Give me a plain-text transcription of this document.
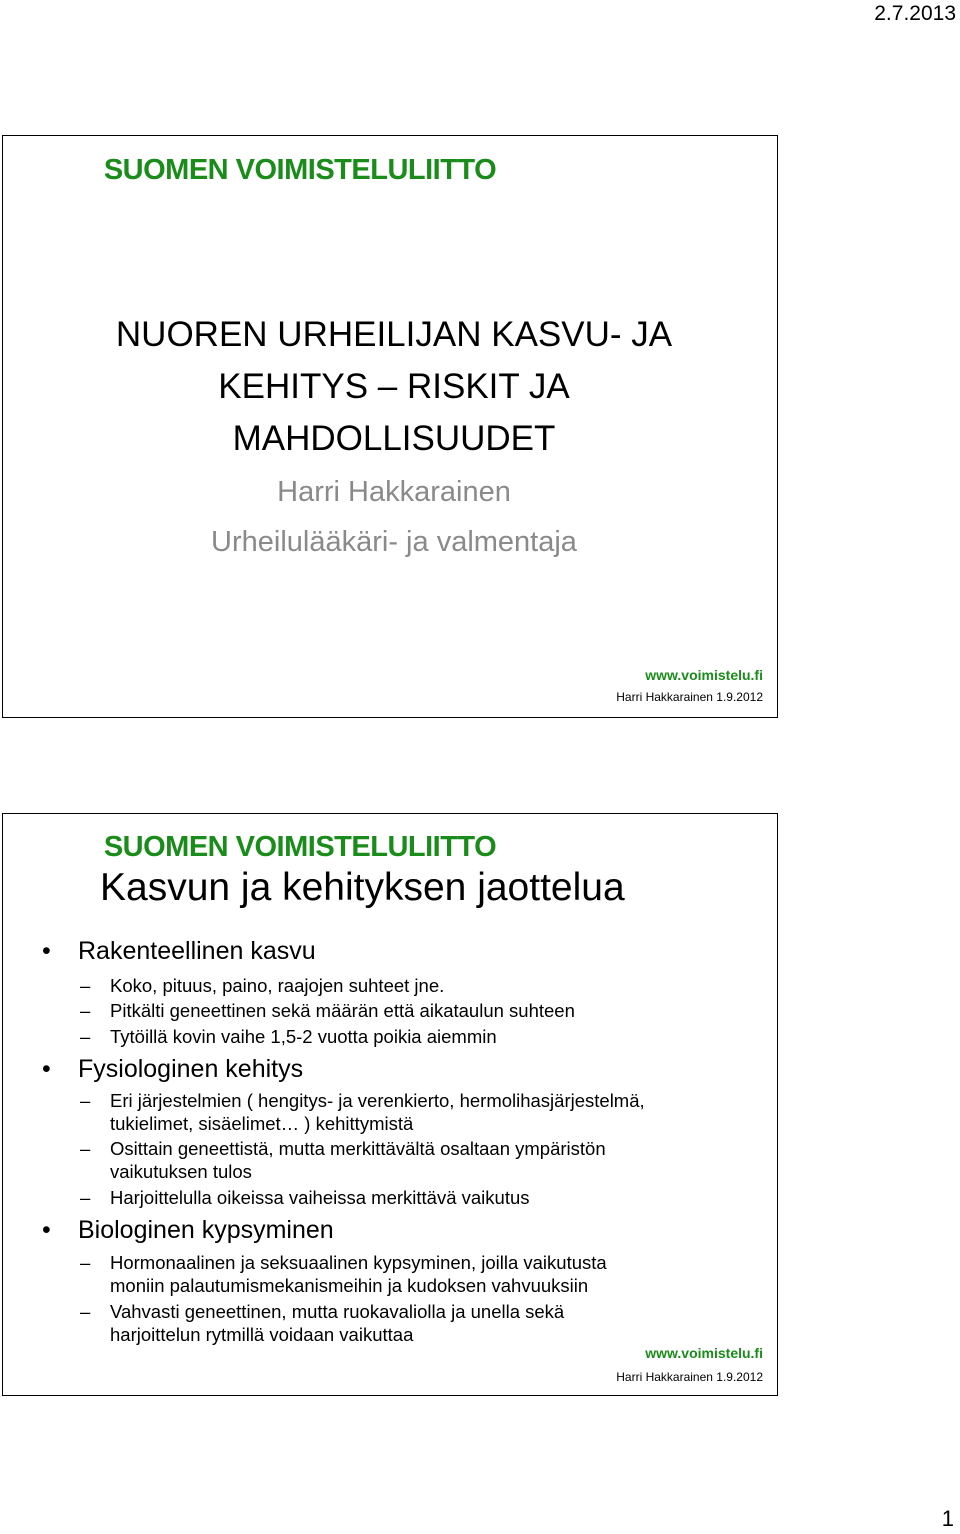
2.7.2013
SUOMEN VOIMISTELULIITTO
NUOREN URHEILIJAN KASVU- JA
KEHITYS – RISKIT JA
MAHDOLLISUUDET
Harri Hakkarainen
Urheilulääkäri- ja valmentaja
www.voimistelu.fi
Harri Hakkarainen 1.9.2012
SUOMEN VOIMISTELULIITTO
Kasvun ja kehityksen jaottelua
• Rakenteellinen kasvu
– Koko, pituus, paino, raajojen suhteet jne.
– Pitkälti geneettinen sekä määrän että aikataulun suhteen
– Tytöillä kovin vaihe 1,5-2 vuotta poikia aiemmin
• Fysiologinen kehitys
– Eri järjestelmien ( hengitys- ja verenkierto, hermolihasjärjestelmä,
tukielimet, sisäelimet… ) kehittymistä
– Osittain geneettistä, mutta merkittävältä osaltaan ympäristön
vaikutuksen tulos
– Harjoittelulla oikeissa vaiheissa merkittävä vaikutus
• Biologinen kypsyminen
– Hormonaalinen ja seksuaalinen kypsyminen, joilla vaikutusta
moniin palautumismekanismeihin ja kudoksen vahvuuksiin
– Vahvasti geneettinen, mutta ruokavaliolla ja unella sekä
harjoittelun rytmillä voidaan vaikuttaa
www.voimistelu.fi
Harri Hakkarainen 1.9.2012
1
